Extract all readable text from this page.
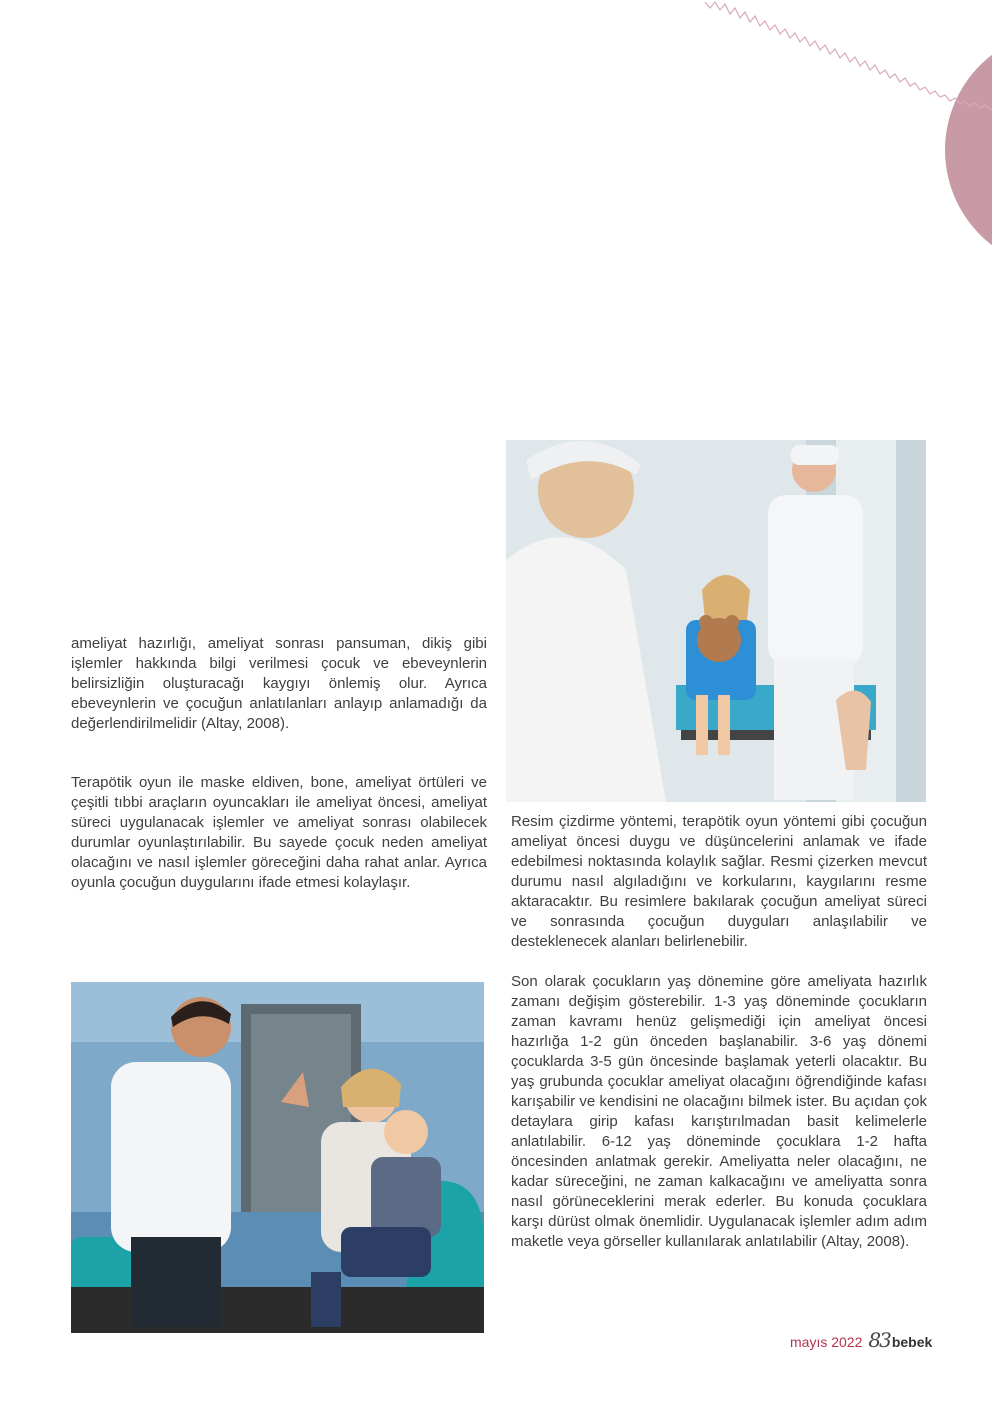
ameliyat hazırlığı, ameliyat sonrası pansuman, dikiş gibi işlemler hakkında bilgi verilmesi çocuk ve ebeveynlerin belirsizliğin oluşturacağı kaygıyı önlemiş olur. Ayrıca ebeveynlerin ve çocuğun anlatılanları anlayıp anlamadığı da değerlendirilmelidir (Altay, 2008).

Terapötik oyun ile maske eldiven, bone, ameliyat örtüleri ve çeşitli tıbbi araçların oyuncakları ile ameliyat öncesi, ameliyat süreci uygulanacak işlemler ve ameliyat sonrası olabilecek durumlar oyunlaştırılabilir. Bu sayede çocuk neden ameliyat olacağını ve nasıl işlemler göreceğini daha rahat anlar. Ayrıca oyunla çocuğun duygularını ifade etmesi kolaylaşır.

Resim çizdirme yöntemi, terapötik oyun yöntemi gibi çocuğun ameliyat öncesi duygu ve düşüncelerini anlamak ve ifade edebilmesi noktasında kolaylık sağlar. Resmi çizerken mevcut durumu nasıl algıladığını ve korkularını, kaygılarını resme aktaracaktır. Bu resimlere bakılarak çocuğun ameliyat süreci ve sonrasında çocuğun duyguları anlaşılabilir ve desteklenecek alanları belirlenebilir.

Son olarak çocukların yaş dönemine göre ameliyata hazırlık zamanı değişim gösterebilir. 1-3 yaş döneminde çocukların zaman kavramı henüz gelişmediği için ameliyat öncesi hazırlığa 1-2 gün önceden başlanabilir. 3-6 yaş dönemi çocuklarda 3-5 gün öncesinde başlamak yeterli olacaktır. Bu yaş grubunda çocuklar ameliyat olacağını öğrendiğinde kafası karışabilir ve kendisini ne olacağını bilmek ister. Bu açıdan çok detaylara girip kafası karıştırılmadan basit kelimelerle anlatılabilir. 6-12 yaş döneminde çocuklara 1-2 hafta öncesinden anlatmak gerekir. Ameliyatta neler olacağını, ne kadar süreceğini, ne zaman kalkacağını ve ameliyatta sonra nasıl görüneceklerini merak ederler. Bu konuda çocuklara karşı dürüst olmak önemlidir. Uygulanacak işlemler adım adım maketle veya görseller kullanılarak anlatılabilir (Altay, 2008).

mayıs 2022 83 bebek
